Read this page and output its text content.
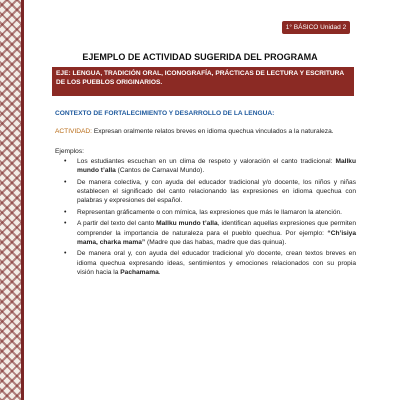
1° BÁSICO Unidad 2
EJEMPLO DE ACTIVIDAD SUGERIDA DEL PROGRAMA
EJE: LENGUA, TRADICIÓN ORAL, ICONOGRAFÍA, PRÁCTICAS DE LECTURA Y ESCRITURA DE LOS PUEBLOS ORIGINARIOS.
CONTEXTO DE FORTALECIMIENTO Y DESARROLLO DE LA LENGUA:

ACTIVIDAD: Expresan oralmente relatos breves en idioma quechua vinculados a la naturaleza.

Ejemplos:

• Los estudiantes escuchan en un clima de respeto y valoración el canto tradicional: Mallku mundo t’alla (Cantos de Carnaval Mundo).
• De manera colectiva, y con ayuda del educador tradicional y/o docente, los niños y niñas establecen el significado del canto relacionando las expresiones en idioma quechua con palabras y expresiones del español.
• Representan gráficamente o con mímica, las expresiones que más le llamaron la atención.
• A partir del texto del canto Mallku mundo t’alla, identifican aquellas expresiones que permiten comprender la importancia de naturaleza para el pueblo quechua. Por ejemplo: “Ch’isiya mama, charka mama” (Madre que das habas, madre que das quinua).
• De manera oral y, con ayuda del educador tradicional y/o docente, crean textos breves en idioma quechua expresando ideas, sentimientos y emociones relacionados con su propia visión hacia la Pachamama.
